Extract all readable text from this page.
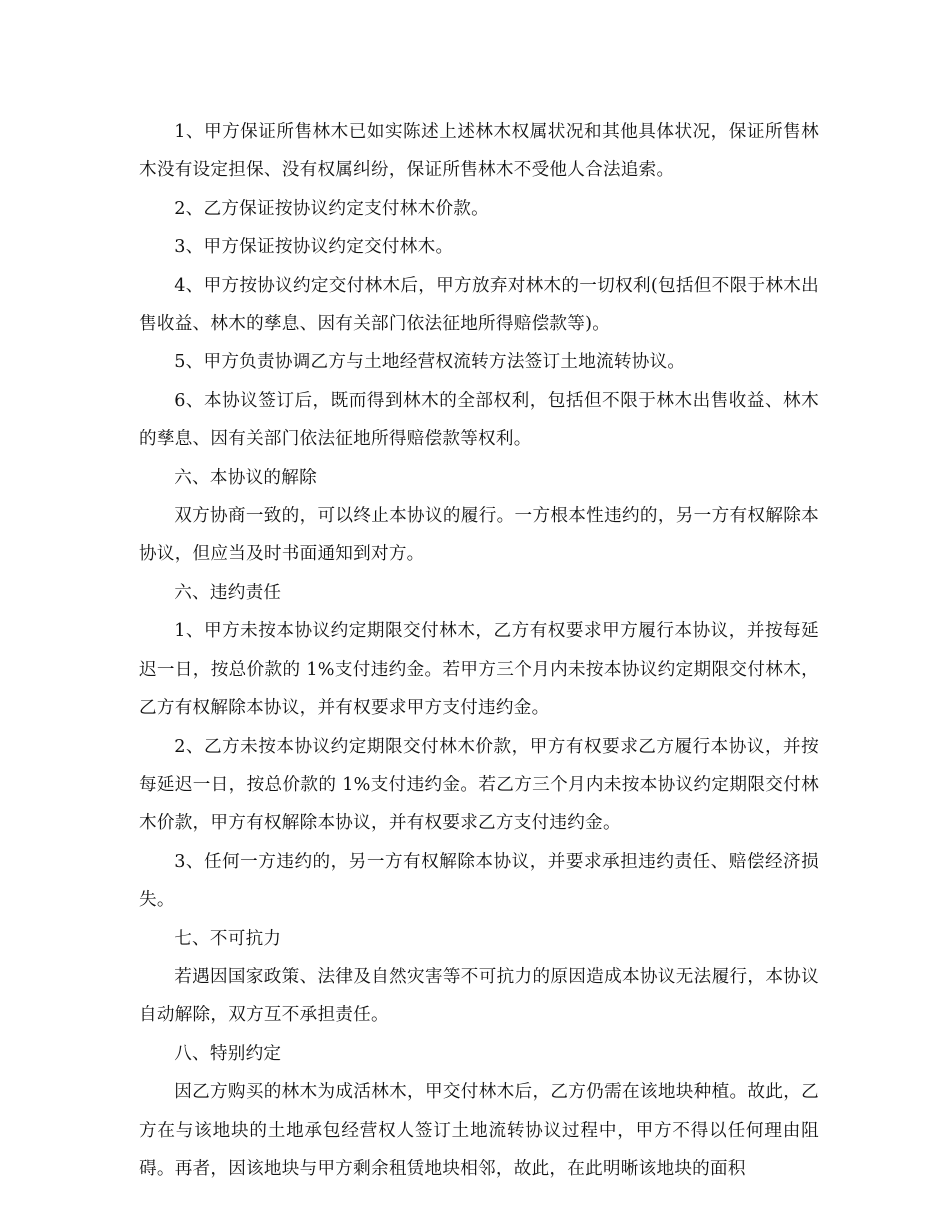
1、甲方保证所售林木已如实陈述上述林木权属状况和其他具体状况，保证所售林木没有设定担保、没有权属纠纷，保证所售林木不受他人合法追索。

2、乙方保证按协议约定支付林木价款。

3、甲方保证按协议约定交付林木。

4、甲方按协议约定交付林木后，甲方放弃对林木的一切权利(包括但不限于林木出售收益、林木的孳息、因有关部门依法征地所得赔偿款等)。

5、甲方负责协调乙方与土地经营权流转方法签订土地流转协议。

6、本协议签订后，既而得到林木的全部权利，包括但不限于林木出售收益、林木的孳息、因有关部门依法征地所得赔偿款等权利。

六、本协议的解除

双方协商一致的，可以终止本协议的履行。一方根本性违约的，另一方有权解除本协议，但应当及时书面通知到对方。

六、违约责任

1、甲方未按本协议约定期限交付林木，乙方有权要求甲方履行本协议，并按每延迟一日，按总价款的 1%支付违约金。若甲方三个月内未按本协议约定期限交付林木，乙方有权解除本协议，并有权要求甲方支付违约金。

2、乙方未按本协议约定期限交付林木价款，甲方有权要求乙方履行本协议，并按每延迟一日，按总价款的 1%支付违约金。若乙方三个月内未按本协议约定期限交付林木价款，甲方有权解除本协议，并有权要求乙方支付违约金。

3、任何一方违约的，另一方有权解除本协议，并要求承担违约责任、赔偿经济损失。

七、不可抗力

若遇因国家政策、法律及自然灾害等不可抗力的原因造成本协议无法履行，本协议自动解除，双方互不承担责任。

八、特别约定

因乙方购买的林木为成活林木，甲交付林木后，乙方仍需在该地块种植。故此，乙方在与该地块的土地承包经营权人签订土地流转协议过程中，甲方不得以任何理由阻碍。再者，因该地块与甲方剩余租赁地块相邻，故此，在此明晰该地块的面积
